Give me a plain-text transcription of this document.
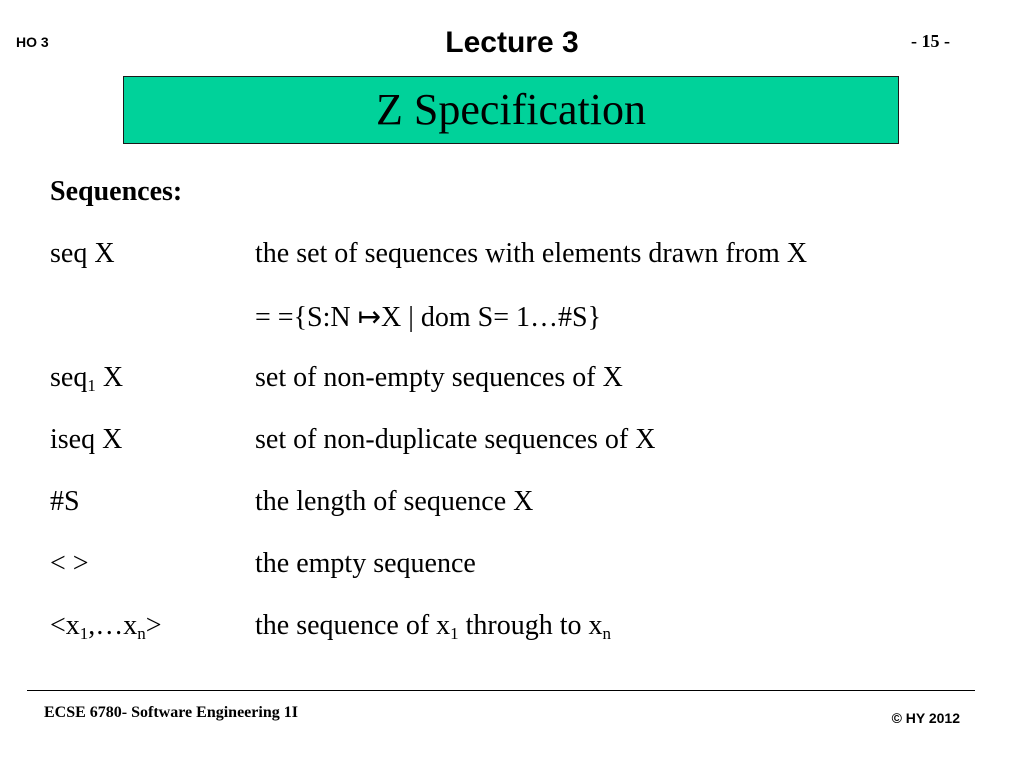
HO 3	Lecture 3	- 15 -
Z Specification
Sequences:
seq X	the set of sequences with elements drawn from X
= ={S:N ↦X | dom S= 1…#S}
seq$_1$ X	set of non-empty sequences of X
iseq X	set of non-duplicate sequences of X
#S	the length of sequence X
< >	the empty sequence
$<x_1,\dots x_n>$	the sequence of $x_1$ through to $x_n$
ECSE 6780- Software Engineering 1I	© HY 2012
